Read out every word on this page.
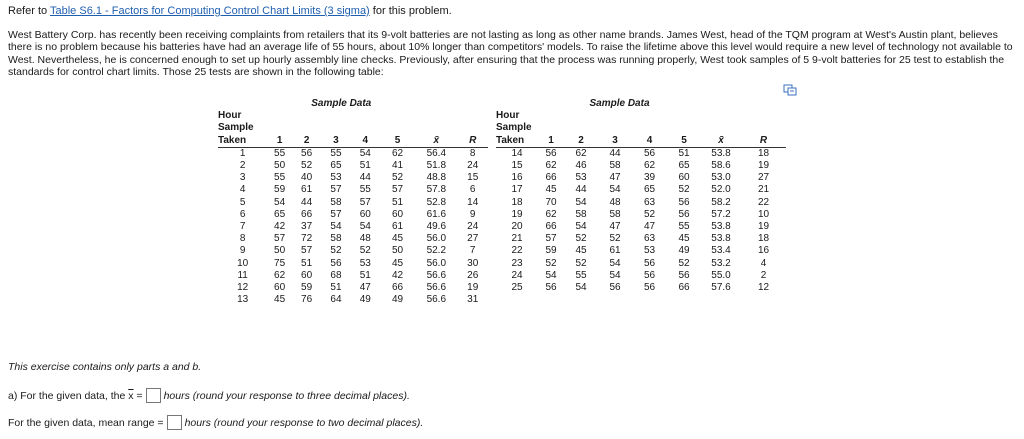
Refer to Table S6.1 - Factors for Computing Control Chart Limits (3 sigma) for this problem.
West Battery Corp. has recently been receiving complaints from retailers that its 9-volt batteries are not lasting as long as other name brands. James West, head of the TQM program at West's Austin plant, believes there is no problem because his batteries have had an average life of 55 hours, about 10% longer than competitors' models. To raise the lifetime above this level would require a new level of technology not available to West. Nevertheless, he is concerned enough to set up hourly assembly line checks. Previously, after ensuring that the process was running properly, West took samples of 5 9-volt batteries for 25 test to establish the standards for control chart limits. Those 25 tests are shown in the following table:
	Sample Data						

Hour
Sample
Taken	1	2	3	4	5	x̄	R
1	55	56	55	54	62	56.4	8
2	50	52	65	51	41	51.8	24
3	55	40	53	44	52	48.8	15
4	59	61	57	55	57	57.8	6
5	54	44	58	57	51	52.8	14
6	65	66	57	60	60	61.6	9
7	42	37	54	54	61	49.6	24
8	57	72	58	48	45	56.0	27
9	50	57	52	52	50	52.2	7
10	75	51	56	53	45	56.0	30
11	62	60	68	51	42	56.6	26
12	60	59	51	47	66	56.6	19
13	45	76	64	49	49	56.6	31
	Sample Data						

Hour
Sample
Taken	1	2	3	4	5	x̄	R
14	56	62	44	56	51	53.8	18
15	62	46	58	62	65	58.6	19
16	66	53	47	39	60	53.0	27
17	45	44	54	65	52	52.0	21
18	70	54	48	63	56	58.2	22
19	62	58	58	52	56	57.2	10
20	66	54	47	47	55	53.8	19
21	57	52	52	63	45	53.8	18
22	59	45	61	53	49	53.4	16
23	52	52	54	56	52	53.2	4
24	54	55	54	56	56	55.0	2
25	56	54	56	56	66	57.6	12
This exercise contains only parts a and b.
a) For the given data, the
$\overline{x}$
= hours (round your response to three decimal places).
For the given data, mean range = hours (round your response to two decimal places).
